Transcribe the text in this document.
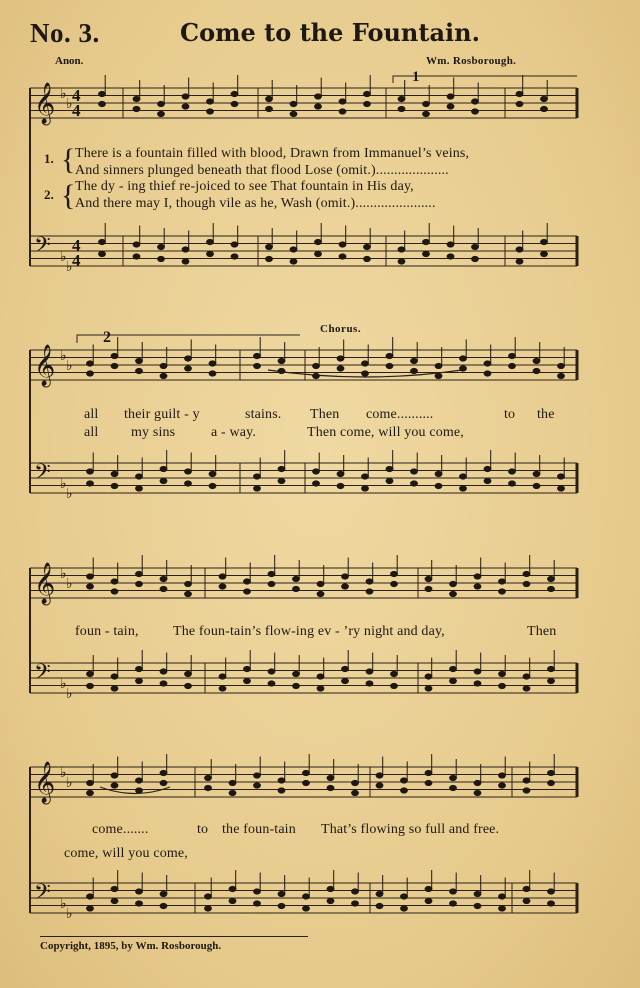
No. 3.	Come to the Fountain.
Anon.	Wm. Rosborough.
𝄞
𝄢
♭
♭
♭
♭
𝄞
𝄢
♭
♭
♭
♭
𝄞
𝄢
♭
♭
♭
♭
𝄞
𝄢
♭
♭
♭
♭
4
4
4
4
1
2	Chorus.
1. { There is a fountain filled with blood, Drawn from Immanuel’s veins,
And sinners plunged beneath that flood Lose (omit.)....................
2. { The dy - ing thief re-joiced to see That fountain in His day,
And there may I, though vile as he, Wash (omit.)......................
all their guilt - y	stains. Then come..........	to the
all my sins	a - way.	Then come, will you come,
foun - tain, The foun-tain’s flow-ing ev - ’ry night and day,	Then
come.......	to the foun-tain That’s flowing so full and free.
come, will you come,
Copyright, 1895, by Wm. Rosborough.
